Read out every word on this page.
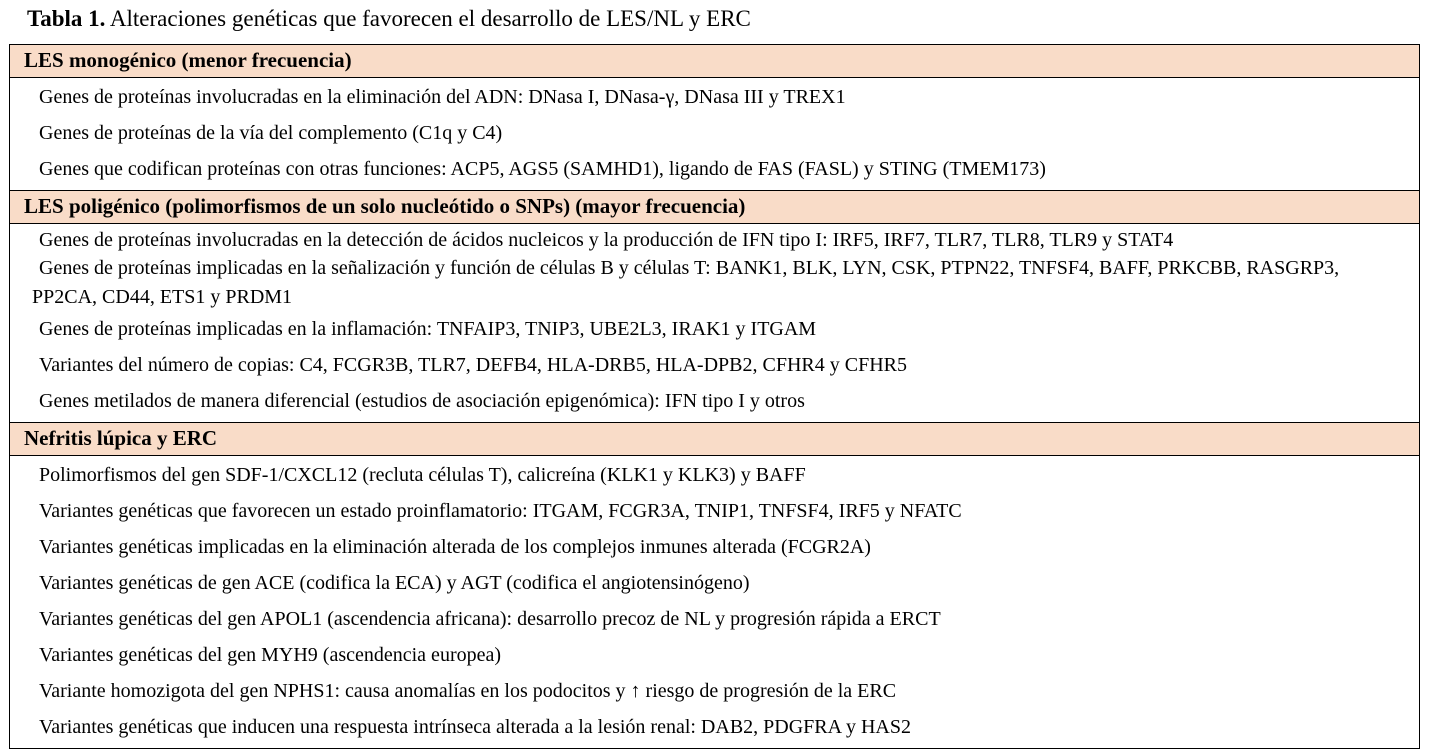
Tabla 1. Alteraciones genéticas que favorecen el desarrollo de LES/NL y ERC
LES monogénico (menor frecuencia)
Genes de proteínas involucradas en la eliminación del ADN: DNasa I, DNasa-γ, DNasa III y TREX1
Genes de proteínas de la vía del complemento (C1q y C4)
Genes que codifican proteínas con otras funciones: ACP5, AGS5 (SAMHD1), ligando de FAS (FASL) y STING (TMEM173)
LES poligénico (polimorfismos de un solo nucleótido o SNPs) (mayor frecuencia)
Genes de proteínas involucradas en la detección de ácidos nucleicos y la producción de IFN tipo I: IRF5, IRF7, TLR7, TLR8, TLR9 y STAT4
Genes de proteínas implicadas en la señalización y función de células B y células T: BANK1, BLK, LYN, CSK, PTPN22, TNFSF4, BAFF, PRKCBB, RASGRP3, PP2CA, CD44, ETS1 y PRDM1
Genes de proteínas implicadas en la inflamación: TNFAIP3, TNIP3, UBE2L3, IRAK1 y ITGAM
Variantes del número de copias: C4, FCGR3B, TLR7, DEFB4, HLA-DRB5, HLA-DPB2, CFHR4 y CFHR5
Genes metilados de manera diferencial (estudios de asociación epigenómica): IFN tipo I y otros
Nefritis lúpica y ERC
Polimorfismos del gen SDF-1/CXCL12 (recluta células T), calicreína (KLK1 y KLK3) y BAFF
Variantes genéticas que favorecen un estado proinflamatorio: ITGAM, FCGR3A, TNIP1, TNFSF4, IRF5 y NFATC
Variantes genéticas implicadas en la eliminación alterada de los complejos inmunes alterada (FCGR2A)
Variantes genéticas de gen ACE (codifica la ECA) y AGT (codifica el angiotensinógeno)
Variantes genéticas del gen APOL1 (ascendencia africana): desarrollo precoz de NL y progresión rápida a ERCT
Variantes genéticas del gen MYH9 (ascendencia europea)
Variante homozigota del gen NPHS1: causa anomalías en los podocitos y ↑ riesgo de progresión de la ERC
Variantes genéticas que inducen una respuesta intrínseca alterada a la lesión renal: DAB2, PDGFRA y HAS2
